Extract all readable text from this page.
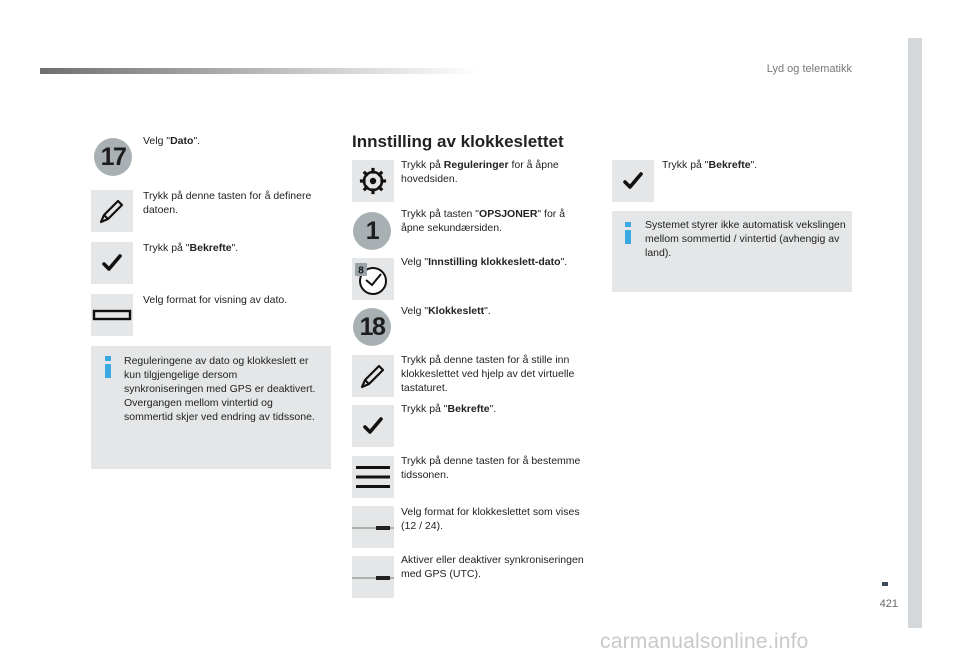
Lyd og telematikk
17
Velg "Dato".
Trykk på denne tasten for å definere datoen.
Trykk på "Bekrefte".
Velg format for visning av dato.
Reguleringene av dato og klokkeslett er kun tilgjengelige dersom synkroniseringen med GPS er deaktivert.
Overgangen mellom vintertid og sommertid skjer ved endring av tidssone.
Innstilling av klokkeslettet
Trykk på Reguleringer for å åpne hovedsiden.
1
Trykk på tasten "OPSJONER" for å åpne sekundærsiden.
8
Velg "Innstilling klokkeslett-dato".
18
Velg "Klokkeslett".
Trykk på denne tasten for å stille inn klokkeslettet ved hjelp av det virtuelle tastaturet.
Trykk på "Bekrefte".
Trykk på denne tasten for å bestemme tidssonen.
Velg format for klokkeslettet som vises (12 / 24).
Aktiver eller deaktiver synkroniseringen med GPS (UTC).
Trykk på "Bekrefte".
Systemet styrer ikke automatisk vekslingen mellom sommertid / vintertid (avhengig av land).
421
carmanualsonline.info
